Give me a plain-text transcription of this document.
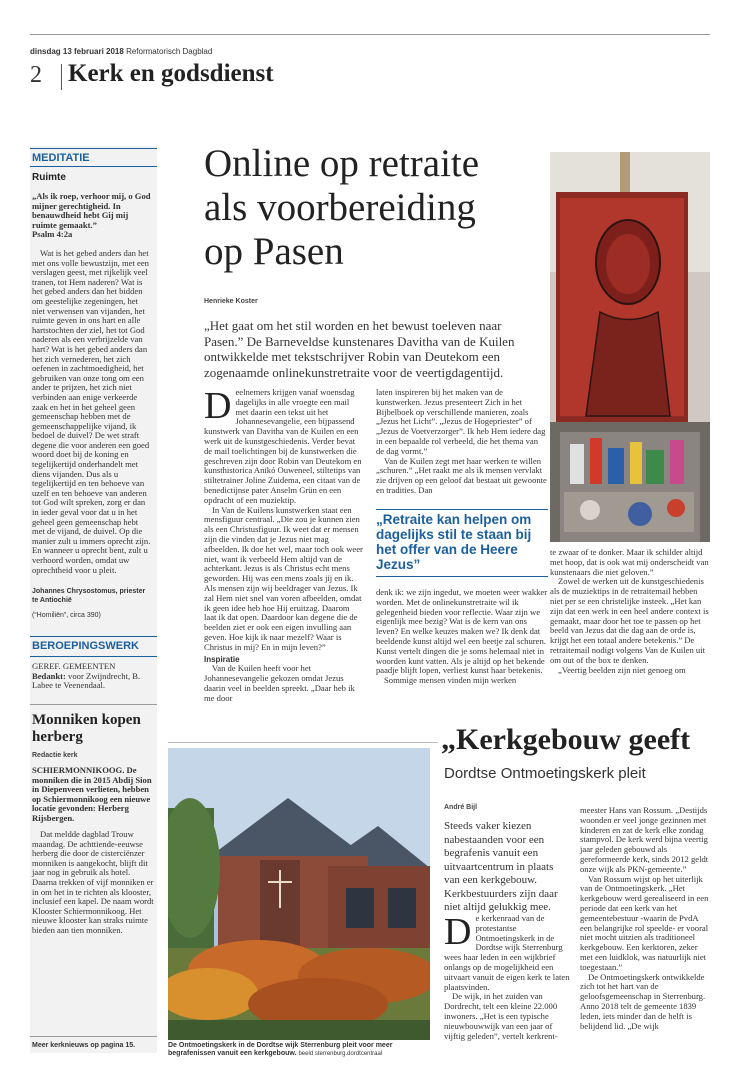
dinsdag 13 februari 2018 Reformatorisch Dagblad
2 Kerk en godsdienst
MEDITATIE
Ruimte
„Als ik roep, verhoor mij, o God mijner gerechtigheid. In benauwdheid hebt Gij mij ruimte gemaakt.”
Psalm 4:2a
Wat is het gebed anders dan het met ons volle bewustzijn, met een verslagen geest, met rijkelijk veel tranen, tot Hem naderen? Wat is het gebed anders dan het bidden om geestelijke zegeningen, het niet verwensen van vijanden, het ruimte geven in ons hart en alle hartstochten der ziel, het tot God naderen als een verbrijzelde van hart? Wat is het gebed anders dan het zich vernederen, het zich oefenen in zachtmoedigheid, het gebruiken van onze tong om een ander te prijzen, het zich niet verbinden aan enige verkeerde zaak en het in het geheel geen gemeenschap hebben met de gemeenschappelijke vijand, ik bedoel de duivel? De wet straft degene die voor anderen een goed woord doet bij de koning en tegelijkertijd onderhandelt met diens vijanden. Dus als u tegelijkertijd en ten behoeve van uzelf en ten behoeve van anderen tot God wilt spreken, zorg er dan in ieder geval voor dat u in het geheel geen gemeenschap hebt met de vijand, de duivel. Op die manier zult u immers oprecht zijn. En wanneer u oprecht bent, zult u verhoord worden, omdat uw oprechtheid voor u pleit.
Johannes Chrysostomus, priester te Antiochië
(“Homiliën”, circa 390)
BEROEPINGSWERK
GEREF. GEMEENTEN
Bedankt: voor Zwijndrecht, B. Labee te Veenendaal.
Monniken kopen herberg
Redactie kerk
SCHIERMONNIKOOG. De monniken die in 2015 Abdij Sion in Diepenveen verlieten, hebben op Schiermonnikoog een nieuwe locatie gevonden: Herberg Rijsbergen.
Dat meldde dagblad Trouw maandag. De achttiende-eeuwse herberg die door de cisterciënzer monniken is aangekocht, blijft dit jaar nog in gebruik als hotel. Daarna trekken of vijf monniken er in om het in te richten als klooster, inclusief een kapel. De naam wordt Klooster Schiermonnikoog. Het nieuwe klooster kan straks ruimte bieden aan tien monniken.
Meer kerknieuws op pagina 15.
Online op retraite
als voorbereiding
op Pasen
Henrieke Koster
„Het gaat om het stil worden en het bewust toeleven naar Pasen.” De Barneveldse kunstenares Davitha van de Kuilen ontwikkelde met tekstschrijver Robin van Deutekom een zogenaamde onlinekunstretraite voor de veertigdagentijd.
Deelnemers krijgen vanaf woensdag dagelijks in alle vroegte een mail met daarin een tekst uit het Johannesevangelie, een bijpassend kunstwerk van Davitha van de Kuilen en een werk uit de kunstgeschiedenis. Verder bevat de mail toelichtingen bij de kunstwerken die geschreven zijn door Robin van Deutekom en kunsthistorica Anikó Ouweneel, stiltetips van stiltetrainer Joline Zuidema, een citaat van de benedictijnse pater Anselm Grün en een opdracht of een muziektip.
In Van de Kuilens kunstwerken staat een mensfiguur centraal. „Die zou je kunnen zien als een Christusfiguur. Ik weet dat er mensen zijn die vinden dat je Jezus niet mag afbeelden. Ik doe het wel, maar toch ook weer niet, want ik verbeeld Hem altijd van de achterkant. Jezus is als Christus echt mens geworden. Hij was een mens zoals jij en ik. Als mensen zijn wij beeldrager van Jezus. Ik zal Hem niet snel van voren afbeelden, omdat ik geen idee heb hoe Hij eruitzag. Daarom laat ik dat open. Daardoor kan degene die de beelden ziet er ook een eigen invulling aan geven. Hoe kijk ik naar mezelf? Waar is Christus in mij? En in mijn leven?”
Inspiratie
Van de Kuilen heeft voor het Johannesevangelie gekozen omdat Jezus daarin veel in beelden spreekt. „Daar heb ik me door
laten inspireren bij het maken van de kunstwerken. Jezus presenteert Zich in het Bijbelboek op verschillende manieren, zoals „Jezus het Licht”. „Jezus de Hogepriester” of „Jezus de Voetverzorger”. Ik heb Hem iedere dag in een bepaalde rol verbeeld, die het thema van de dag vormt.”
Van de Kuilen zegt met haar werken te willen „schuren.” „Het raakt me als ik mensen vervlakt zie drijven op een geloof dat bestaat uit gewoonte en tradities. Dan
„Retraite kan helpen om dagelijks stil te staan bij het offer van de Heere Jezus”
denk ik: we zijn ingedut, we moeten weer wakker worden. Met de onlinekunstretraite wil ik gelegenheid bieden voor reflectie. Waar zijn we eigenlijk mee bezig? Wat is de kern van ons leven? En welke keuzes maken we? Ik denk dat beeldende kunst altijd wel een beetje zal schuren. Kunst vertelt dingen die je soms helemaal niet in woorden kunt vatten. Als je altijd op het bekende paadje blijft lopen, verliest kunst haar betekenis.
Sommige mensen vinden mijn werken
te zwaar of te donker. Maar ik schilder altijd met hoop, dat is ook wat mij onderscheidt van kunstenaars die niet geloven.”
Zowel de werken uit de kunstgeschiedenis als de muziektips in de retraitemail hebben niet per se een christelijke insteek. „Het kan zijn dat een werk in een heel andere context is gemaakt, maar door het toe te passen op het beeld van Jezus dat die dag aan de orde is, krijgt het een totaal andere betekenis.” De retraitemail nodigt volgens Van de Kuilen uit om out of the box te denken.
„Veertig beelden zijn niet genoeg om
De Ontmoetingskerk in de Dordtse wijk Sterrenburg pleit voor meer begrafenissen vanuit een kerkgebouw. beeld sterrenburg.dordtcentraal
„Kerkgebouw geeft
Dordtse Ontmoetingskerk pleit
André Bijl
Steeds vaker kiezen nabestaanden voor een begrafenis vanuit een uitvaartcentrum in plaats van een kerkgebouw. Kerkbestuurders zijn daar niet altijd gelukkig mee.
De kerkenraad van de protestantse Ontmoetingskerk in de Dordtse wijk Sterrenburg wees haar leden in een wijkbrief onlangs op de mogelijkheid een uitvaart vanuit de eigen kerk te laten plaatsvinden.
De wijk, in het zuiden van Dordrecht, telt een kleine 22.000 inwoners. „Het is een typische nieuwbouwwijk van een jaar of vijftig geleden”, vertelt kerkrent-
meester Hans van Rossum. „Destijds woonden er veel jonge gezinnen met kinderen en zat de kerk elke zondag stampvol. De kerk werd bijna veertig jaar geleden gebouwd als gereformeerde kerk, sinds 2012 geldt onze wijk als PKN-gemeente.”
Van Rossum wijst op het uiterlijk van de Ontmoetingskerk. „Het kerkgebouw werd gerealiseerd in een periode dat een kerk van het gemeentebestuur -waarin de PvdA een belangrijke rol speelde- er vooral niet mocht uitzien als traditioneel kerkgebouw. Een kerktoren, zeker met een luidklok, was natuurlijk niet toegestaan.”
De Ontmoetingskerk ontwikkelde zich tot het hart van de geloofsgemeenschap in Sterrenburg. Anno 2018 telt de gemeente 1839 leden, iets minder dan de helft is belijdend lid. „De wijk
